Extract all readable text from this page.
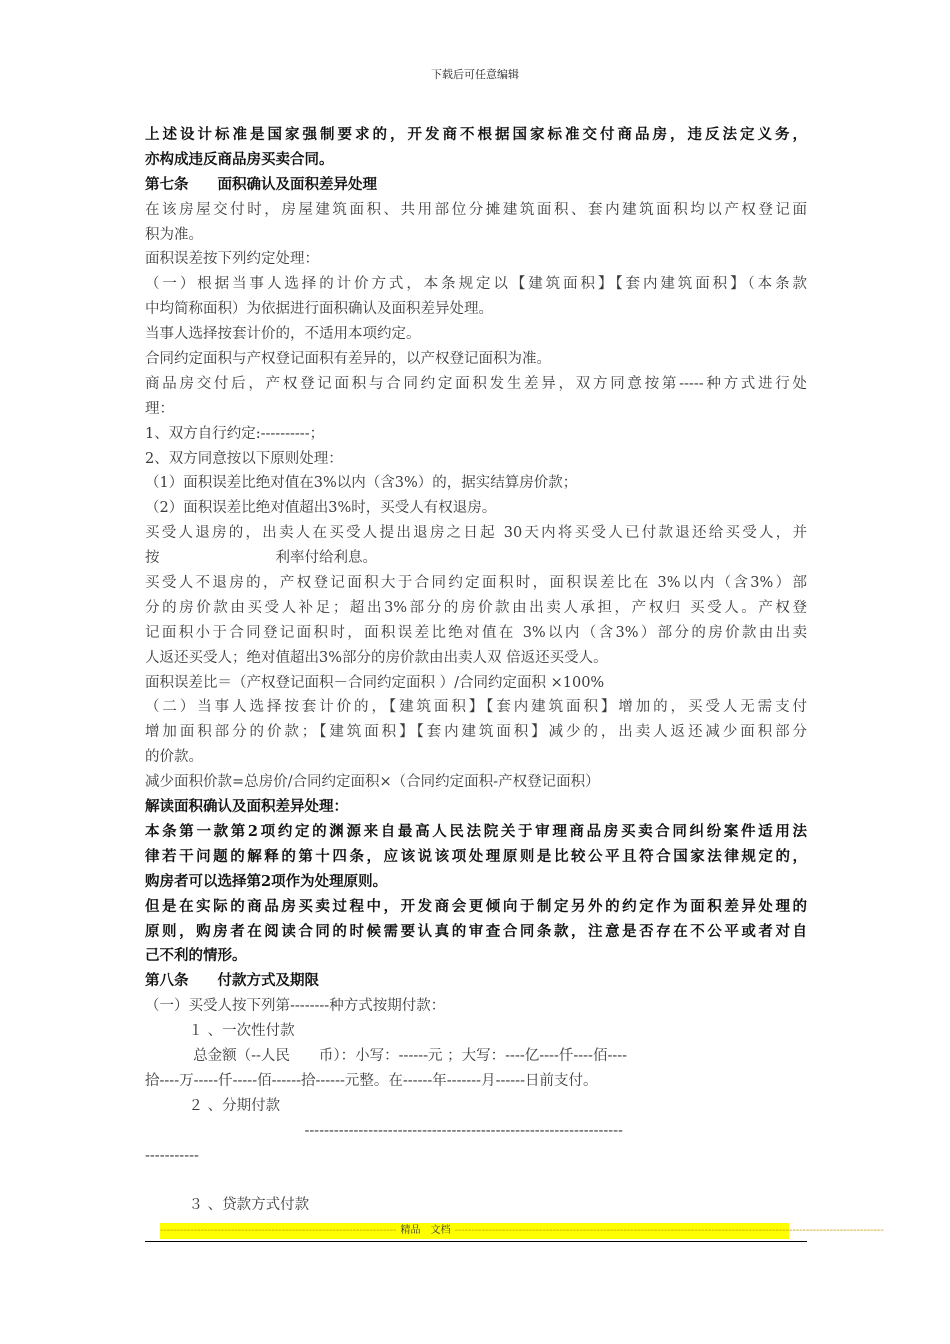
下载后可任意编辑
上述设计标准是国家强制要求的，开发商不根据国家标准交付商品房，违反法定义务，
亦构成违反商品房买卖合同。
第七条　　面积确认及面积差异处理
在该房屋交付时，房屋建筑面积、共用部位分摊建筑面积、套内建筑面积均以产权登记面
积为准。
面积误差按下列约定处理：
（一）根据当事人选择的计价方式，本条规定以【建筑面积】【套内建筑面积】（本条款
中均简称面积）为依据进行面积确认及面积差异处理。
当事人选择按套计价的，不适用本项约定。
合同约定面积与产权登记面积有差异的，以产权登记面积为准。
商品房交付后，产权登记面积与合同约定面积发生差异，双方同意按第-----种方式进行处
理：
1、双方自行约定:----------；
2、双方同意按以下原则处理：
（1）面积误差比绝对值在3%以内（含3%）的，据实结算房价款；
（2）面积误差比绝对值超出3%时，买受人有权退房。
买受人退房的，出卖人在买受人提出退房之日起 30天内将买受人已付款退还给买受人，并
按　　　　　　　　利率付给利息。
买受人不退房的，产权登记面积大于合同约定面积时，面积误差比在 3%以内（含3%）部
分的房价款由买受人补足；超出3%部分的房价款由出卖人承担，产权归 买受人。产权登
记面积小于合同登记面积时，面积误差比绝对值在 3%以内（含3%）部分的房价款由出卖
人返还买受人；绝对值超出3%部分的房价款由出卖人双 倍返还买受人。
面积误差比＝（产权登记面积－合同约定面积 ）/合同约定面积 ×100%
（二）当事人选择按套计价的，【建筑面积】【套内建筑面积】增加的，买受人无需支付
增加面积部分的价款；【建筑面积】【套内建筑面积】减少的，出卖人返还减少面积部分
的价款。
减少面积价款=总房价/合同约定面积×（合同约定面积-产权登记面积）
解读面积确认及面积差异处理：
本条第一款第2项约定的渊源来自最高人民法院关于审理商品房买卖合同纠纷案件适用法
律若干问题的解释的第十四条，应该说该项处理原则是比较公平且符合国家法律规定的，
购房者可以选择第2项作为处理原则。
但是在实际的商品房买卖过程中，开发商会更倾向于制定另外的约定作为面积差异处理的
原则，购房者在阅读合同的时候需要认真的审查合同条款，注意是否存在不公平或者对自
己不利的情形。
第八条　　付款方式及期限
（一）买受人按下列第--------种方式按期付款：
　　　１ 、一次性付款
　　　 总金额（--人民　　币）：小写：------元 ；大写：----亿----仟----佰----
拾----万-----仟-----佰------拾------元整。在------年-------月------日前支付。
　　　２ 、分期付款
　　　　　　　　　　　-----------------------------------------------------------------
-----------
　　　３ 、贷款方式付款
---------------------------------------------------------------------- 精品　文档 -------------------------------------------------------------------------------------------------------------------------------
